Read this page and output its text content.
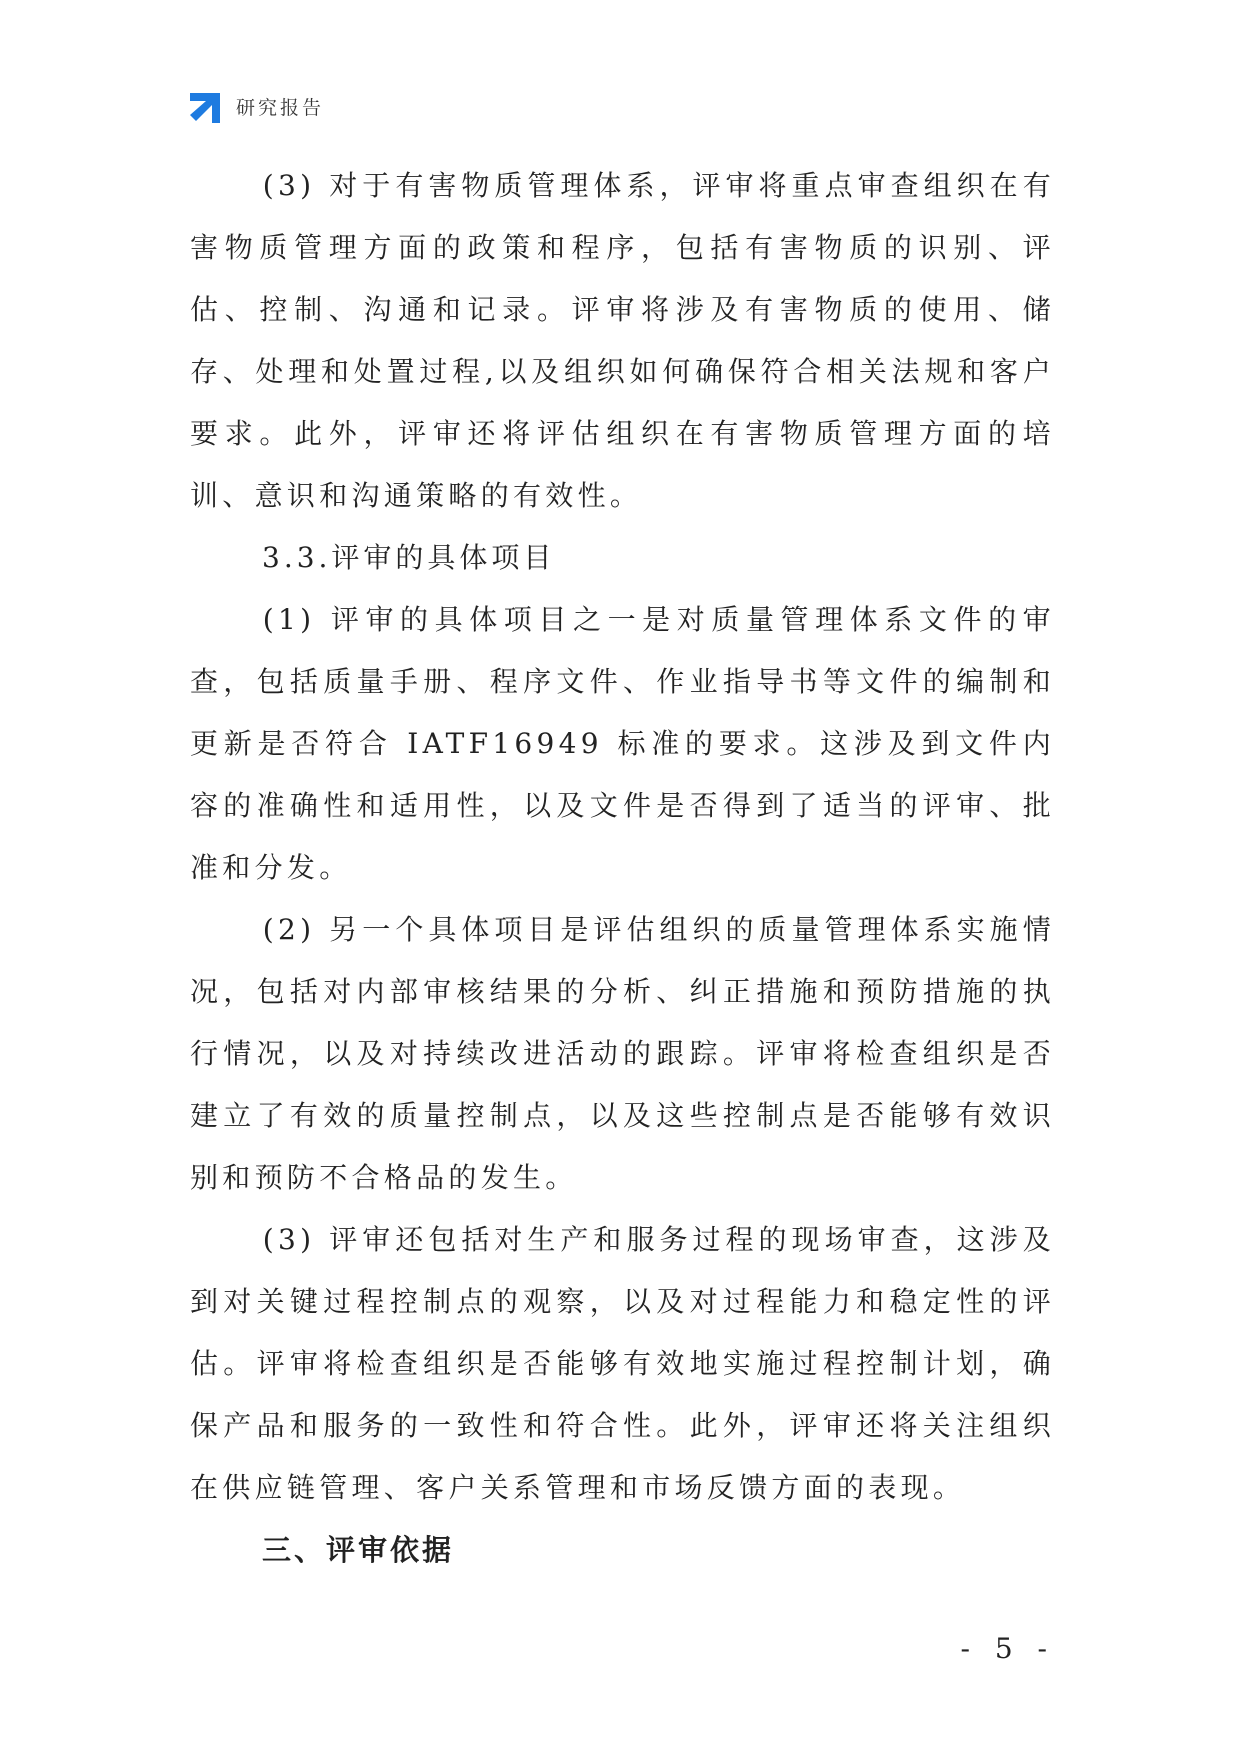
研究报告

(3) 对于有害物质管理体系，评审将重点审查组织在有害物质管理方面的政策和程序，包括有害物质的识别、评估、控制、沟通和记录。评审将涉及有害物质的使用、储存、处理和处置过程,以及组织如何确保符合相关法规和客户要求。此外，评审还将评估组织在有害物质管理方面的培训、意识和沟通策略的有效性。

3.3.评审的具体项目

(1) 评审的具体项目之一是对质量管理体系文件的审查，包括质量手册、程序文件、作业指导书等文件的编制和更新是否符合 IATF16949 标准的要求。这涉及到文件内容的准确性和适用性，以及文件是否得到了适当的评审、批准和分发。

(2) 另一个具体项目是评估组织的质量管理体系实施情况，包括对内部审核结果的分析、纠正措施和预防措施的执行情况，以及对持续改进活动的跟踪。评审将检查组织是否建立了有效的质量控制点，以及这些控制点是否能够有效识别和预防不合格品的发生。

(3) 评审还包括对生产和服务过程的现场审查，这涉及到对关键过程控制点的观察，以及对过程能力和稳定性的评估。评审将检查组织是否能够有效地实施过程控制计划，确保产品和服务的一致性和符合性。此外，评审还将关注组织在供应链管理、客户关系管理和市场反馈方面的表现。

三、评审依据

- 5 -
